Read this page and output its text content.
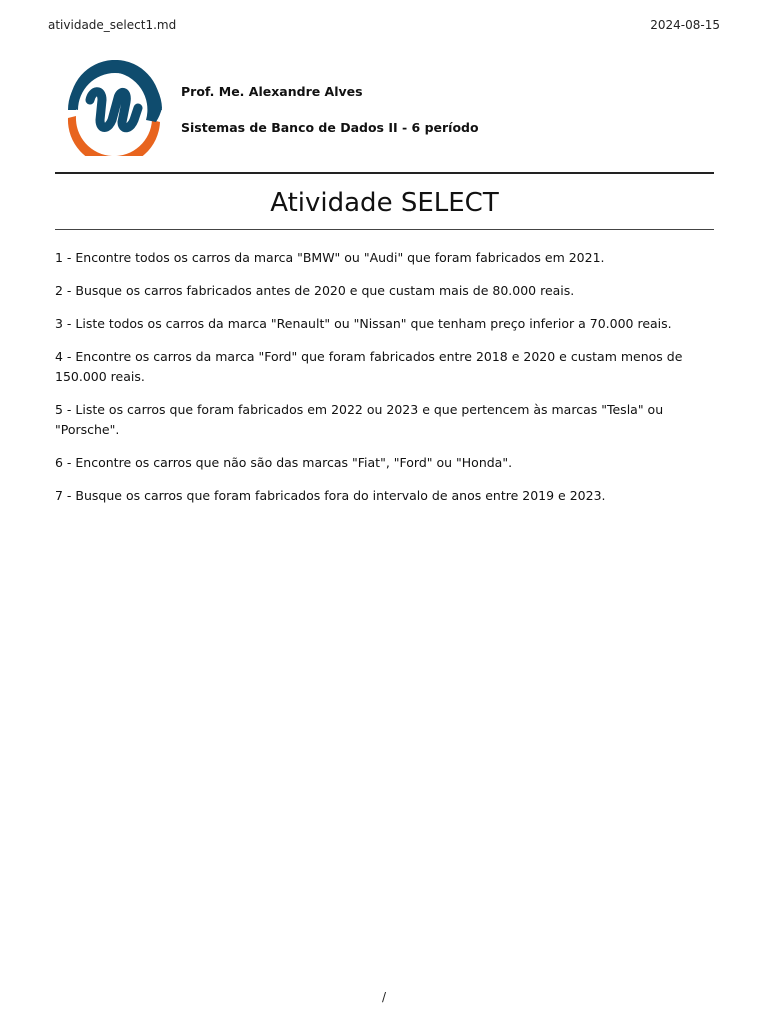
atividade_select1.md	2024-08-15
Prof. Me. Alexandre Alves
Sistemas de Banco de Dados II - 6 período
Atividade SELECT
1 - Encontre todos os carros da marca "BMW" ou "Audi" que foram fabricados em 2021.
2 - Busque os carros fabricados antes de 2020 e que custam mais de 80.000 reais.
3 - Liste todos os carros da marca "Renault" ou "Nissan" que tenham preço inferior a 70.000 reais.
4 - Encontre os carros da marca "Ford" que foram fabricados entre 2018 e 2020 e custam menos de 150.000 reais.
5 - Liste os carros que foram fabricados em 2022 ou 2023 e que pertencem às marcas "Tesla" ou "Porsche".
6 - Encontre os carros que não são das marcas "Fiat", "Ford" ou "Honda".
7 - Busque os carros que foram fabricados fora do intervalo de anos entre 2019 e 2023.
/
